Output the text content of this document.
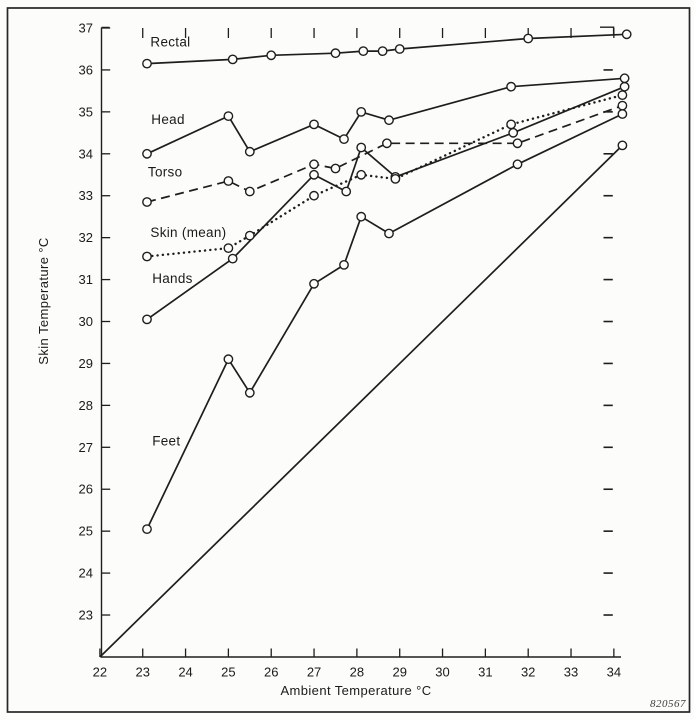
23
24
25
26
27
28
29
30
31
32
33
34
35
36
37
22 23 24 25 26 27 28 29 30 31 32 33 34
Feet
Hands
Skin (mean)
Torso
Head
Rectal
Ambient Temperature °C
Skin Temperature °C
820567
